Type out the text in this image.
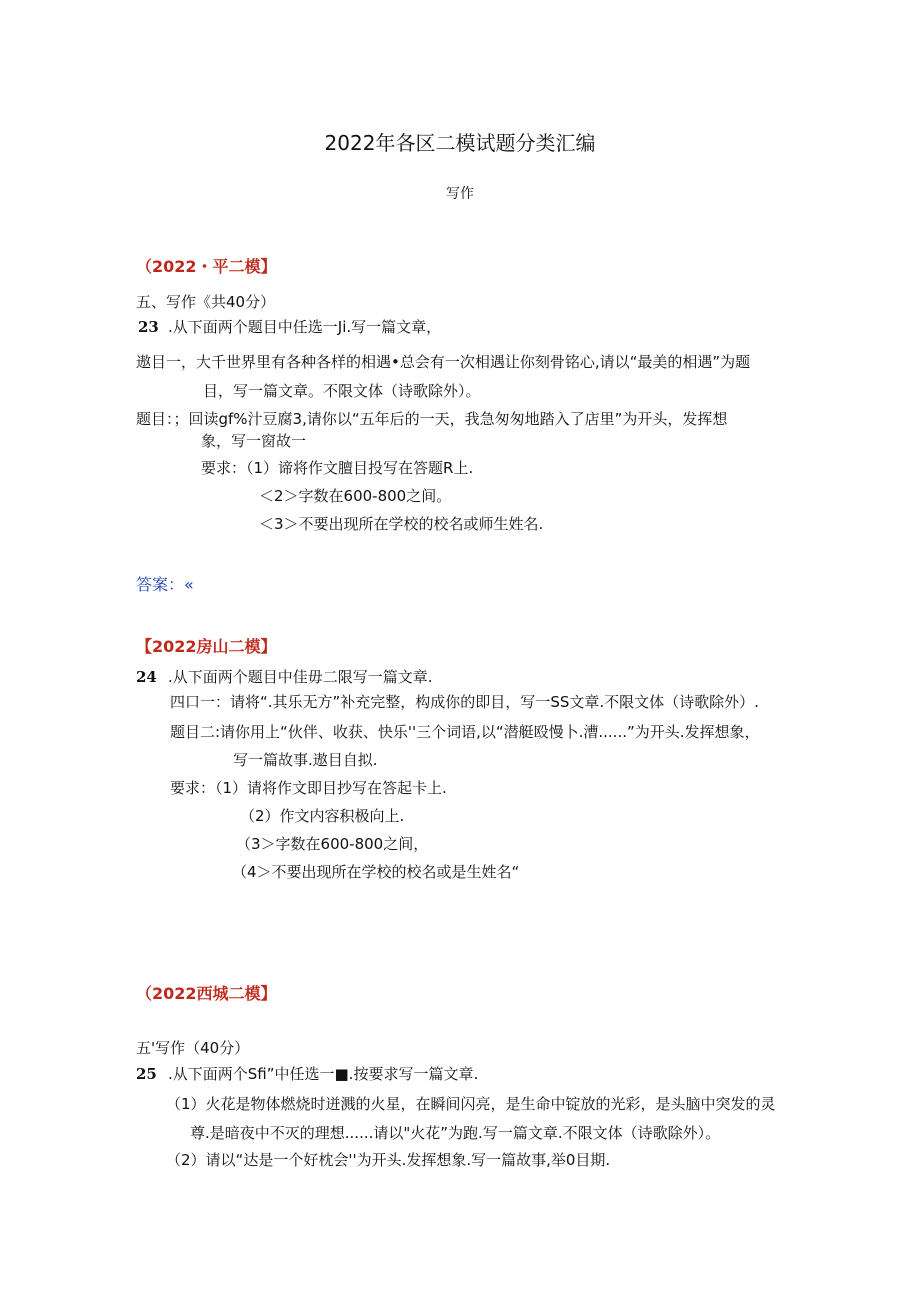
2022年各区二模试题分类汇编
写作
（2022・平二模】
五、写作《共40分）
23 .从下面两个题目中任选一Ji.写一篇文章，
遨目一，大千世界里有各种各样的相遇•总会有一次相遇让你刻骨铭心,请以“最美的相遇”为题
目，写一篇文章。不限文体（诗歌除外）。
题目：；回读gf%汁豆腐3,请你以“五年后的一天，我急匆匆地踏入了店里”为开头，发挥想
象，写一窗故一
要求：（1）谛将作文膻目投写在答题R上.
＜2＞字数在600-800之间。
＜3＞不要出现所在学校的校名或师生姓名.
答案：«
【2022房山二模】
24 .从下面两个题目中佳毋二限写一篇文章.
四口一：请将“.其乐无方”补充完整，构成你的即目，写一SS文章.不限文体（诗歌除外）.
题目二:请你用上“伙伴、收获、快乐''三个词语,以“潜艇殴慢卜.漕......”为开头.发挥想象，
写一篇故事.遨目自拟.
要求：（1）请将作文即目抄写在答起卡上.
（2）作文内容积极向上.
（3＞字数在600-800之间，
（4＞不要出现所在学校的校名或是生姓名“
（2022西城二模】
五'写作（40分）
25 .从下面两个Sfi”中任选一■.按要求写一篇文章.
（1）火花是物体燃烧时迸溅的火星，在瞬间闪亮，是生命中锭放的光彩，是头脑中突发的灵
尊.是暗夜中不灭的理想......请以"火花”为跑.写一篇文章.不限文体（诗歌除外）。
（2）请以“达是一个好枕会''为开头.发挥想象.写一篇故事,举0目期.
